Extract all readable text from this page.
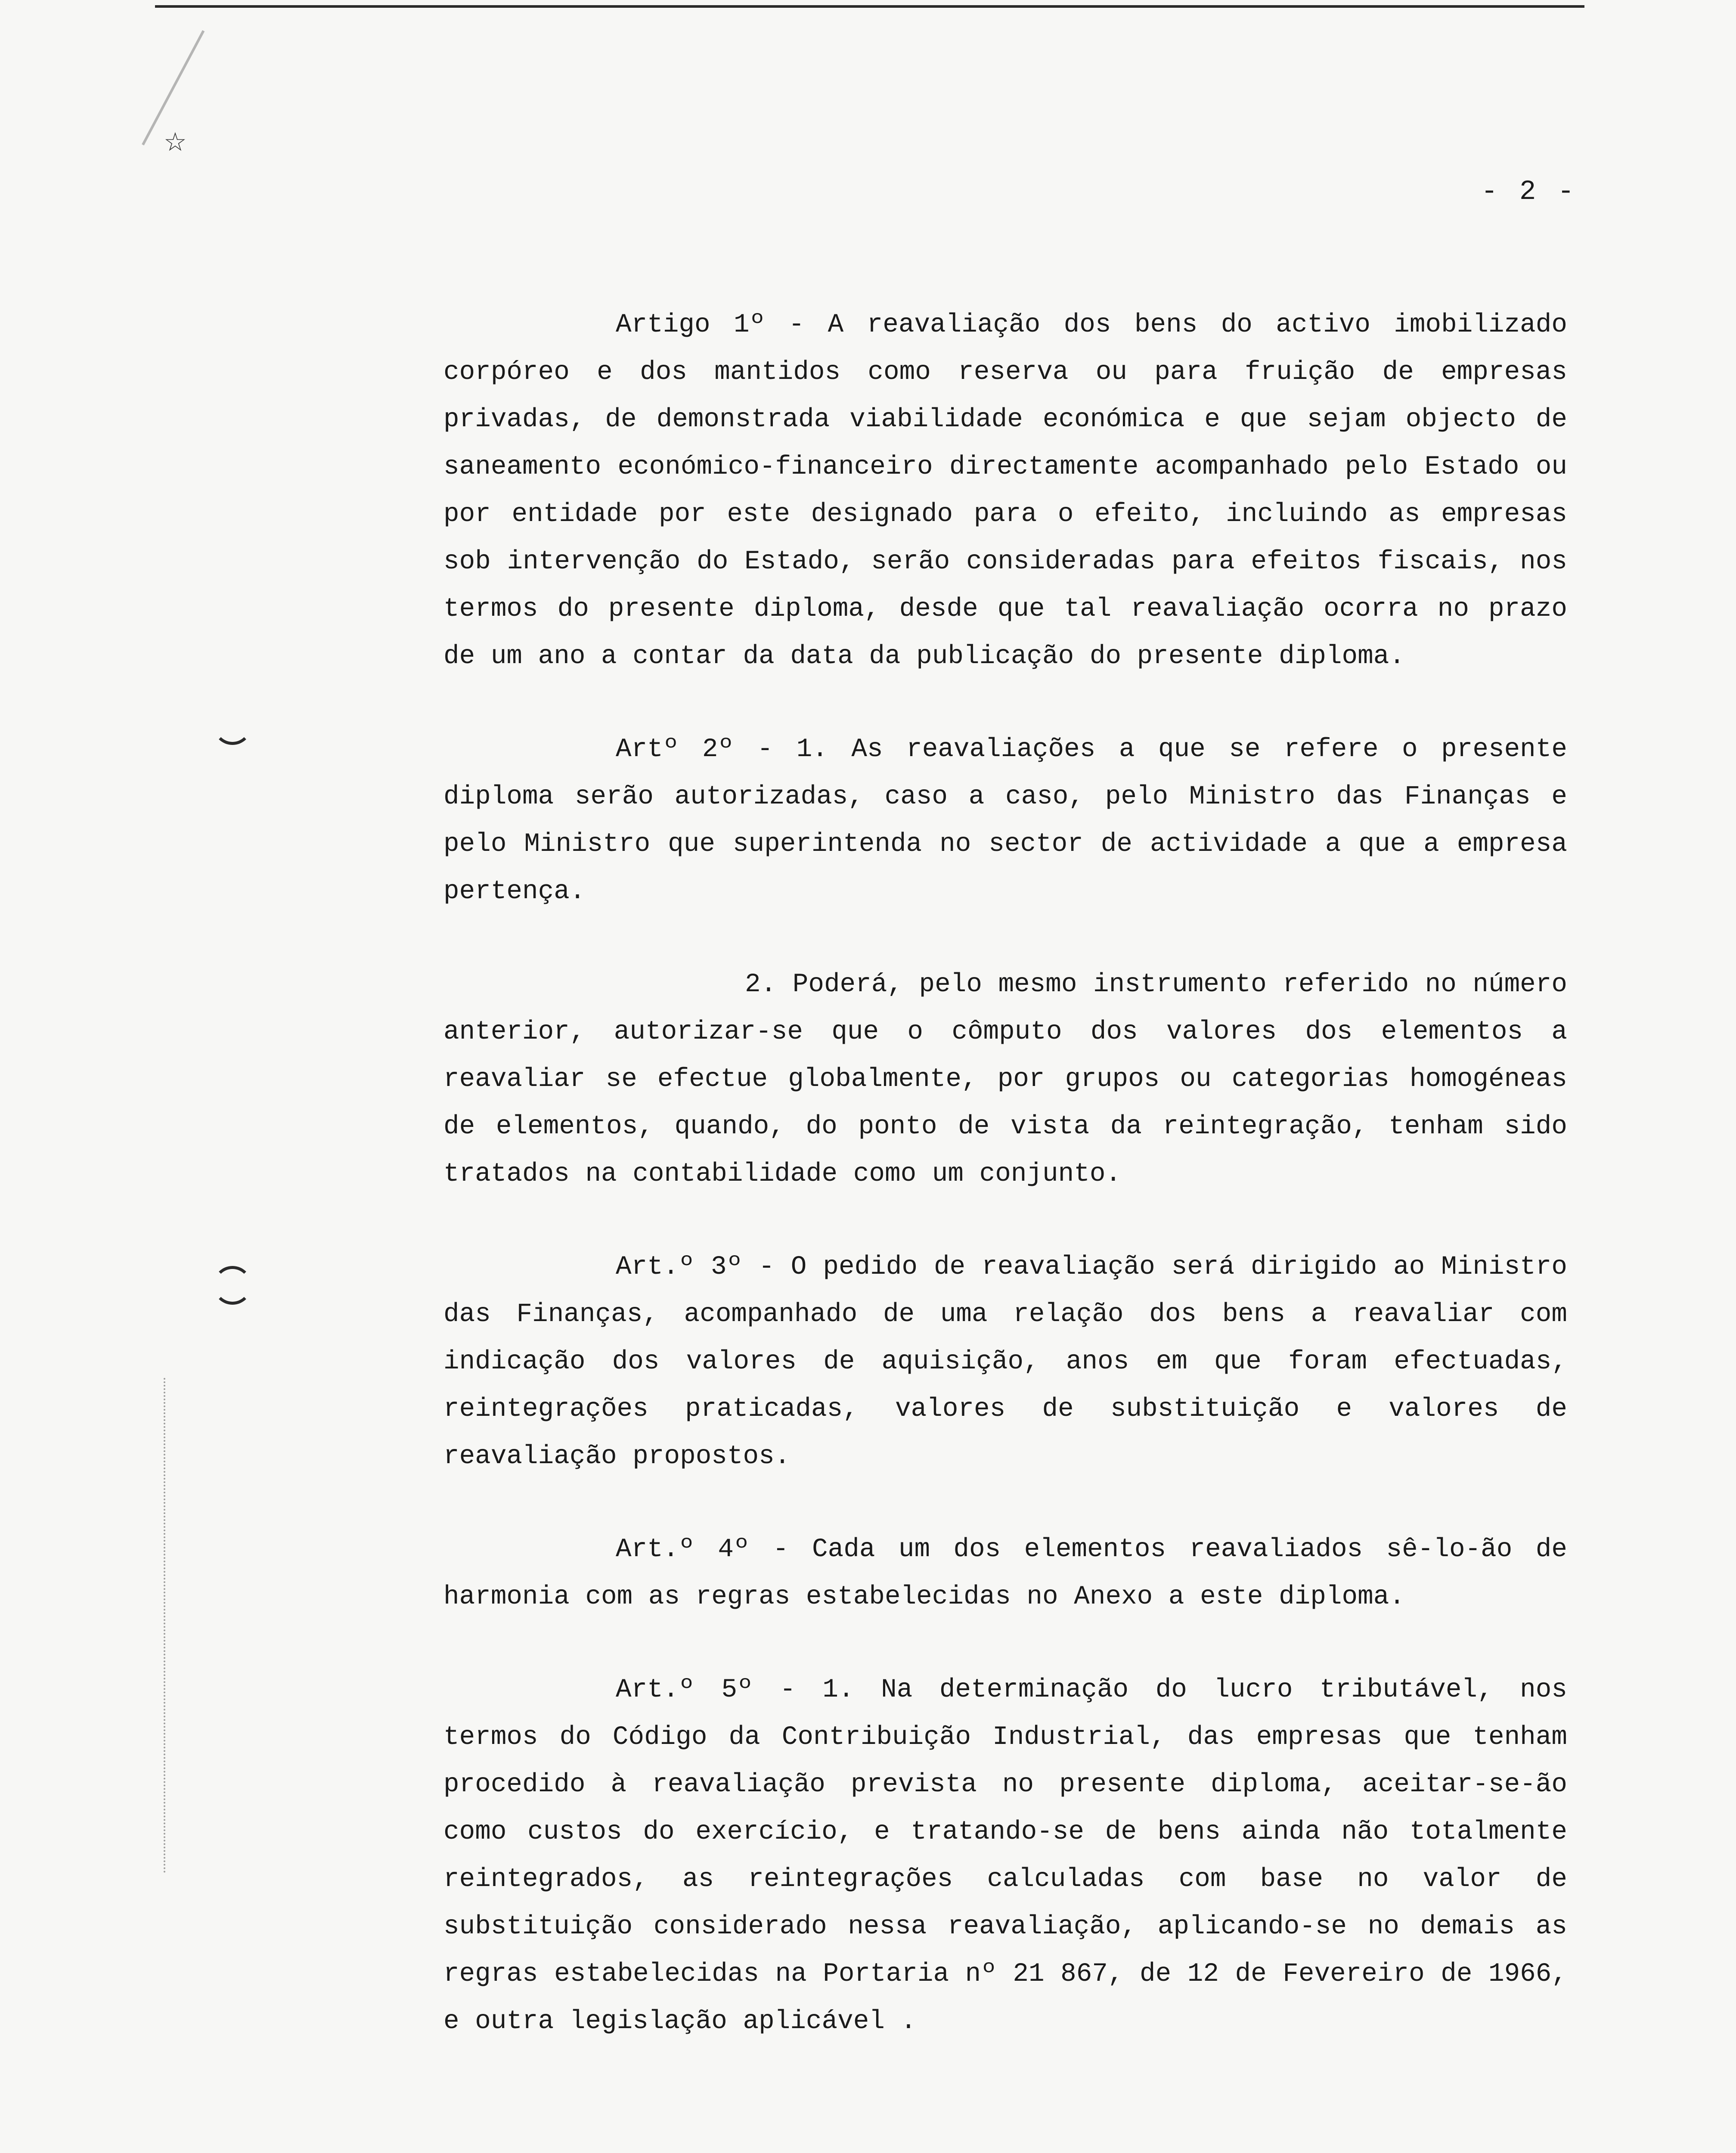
☆
- 2 -

Artigo 1º - A reavaliação dos bens do activo imobilizado corpóreo e dos mantidos como reserva ou para fruição de empresas privadas, de demonstrada viabilidade económica e que sejam objecto de saneamento económico-financeiro directamente acompanhado pelo Estado ou por entidade por este designado para o efeito, incluindo as empresas sob intervenção do Estado, serão consideradas para efeitos fiscais, nos termos do presente diploma, desde que tal reavaliação ocorra no prazo de um ano a contar da data da publicação do presente diploma.

Artº 2º - 1. As reavaliações a que se refere o presente diploma serão autorizadas, caso a caso, pelo Ministro das Finanças e pelo Ministro que superintenda no sector de actividade a que a empresa pertença.

2. Poderá, pelo mesmo instrumento referido no número anterior, autorizar-se que o cômputo dos valores dos elementos a reavaliar se efectue globalmente, por grupos ou categorias homogéneas de elementos, quando, do ponto de vista da reintegração, tenham sido tratados na contabilidade como um conjunto.

Art.º 3º - O pedido de reavaliação será dirigido ao Ministro das Finanças, acompanhado de uma relação dos bens a reavaliar com indicação dos valores de aquisição, anos em que foram efectuadas, reintegrações praticadas, valores de substituição e valores de reavaliação propostos.

Art.º 4º - Cada um dos elementos reavaliados sê-lo-ão de harmonia com as regras estabelecidas no Anexo a este diploma.

Art.º 5º - 1. Na determinação do lucro tributável, nos termos do Código da Contribuição Industrial, das empresas que tenham procedido à reavaliação prevista no presente diploma, aceitar-se-ão como custos do exercício, e tratando-se de bens ainda não totalmente reintegrados, as reintegrações calculadas com base no valor de substituição considerado nessa reavaliação, aplicando-se no demais as regras estabelecidas na Portaria nº 21 867, de 12 de Fevereiro de 1966, e outra legislação aplicável .
